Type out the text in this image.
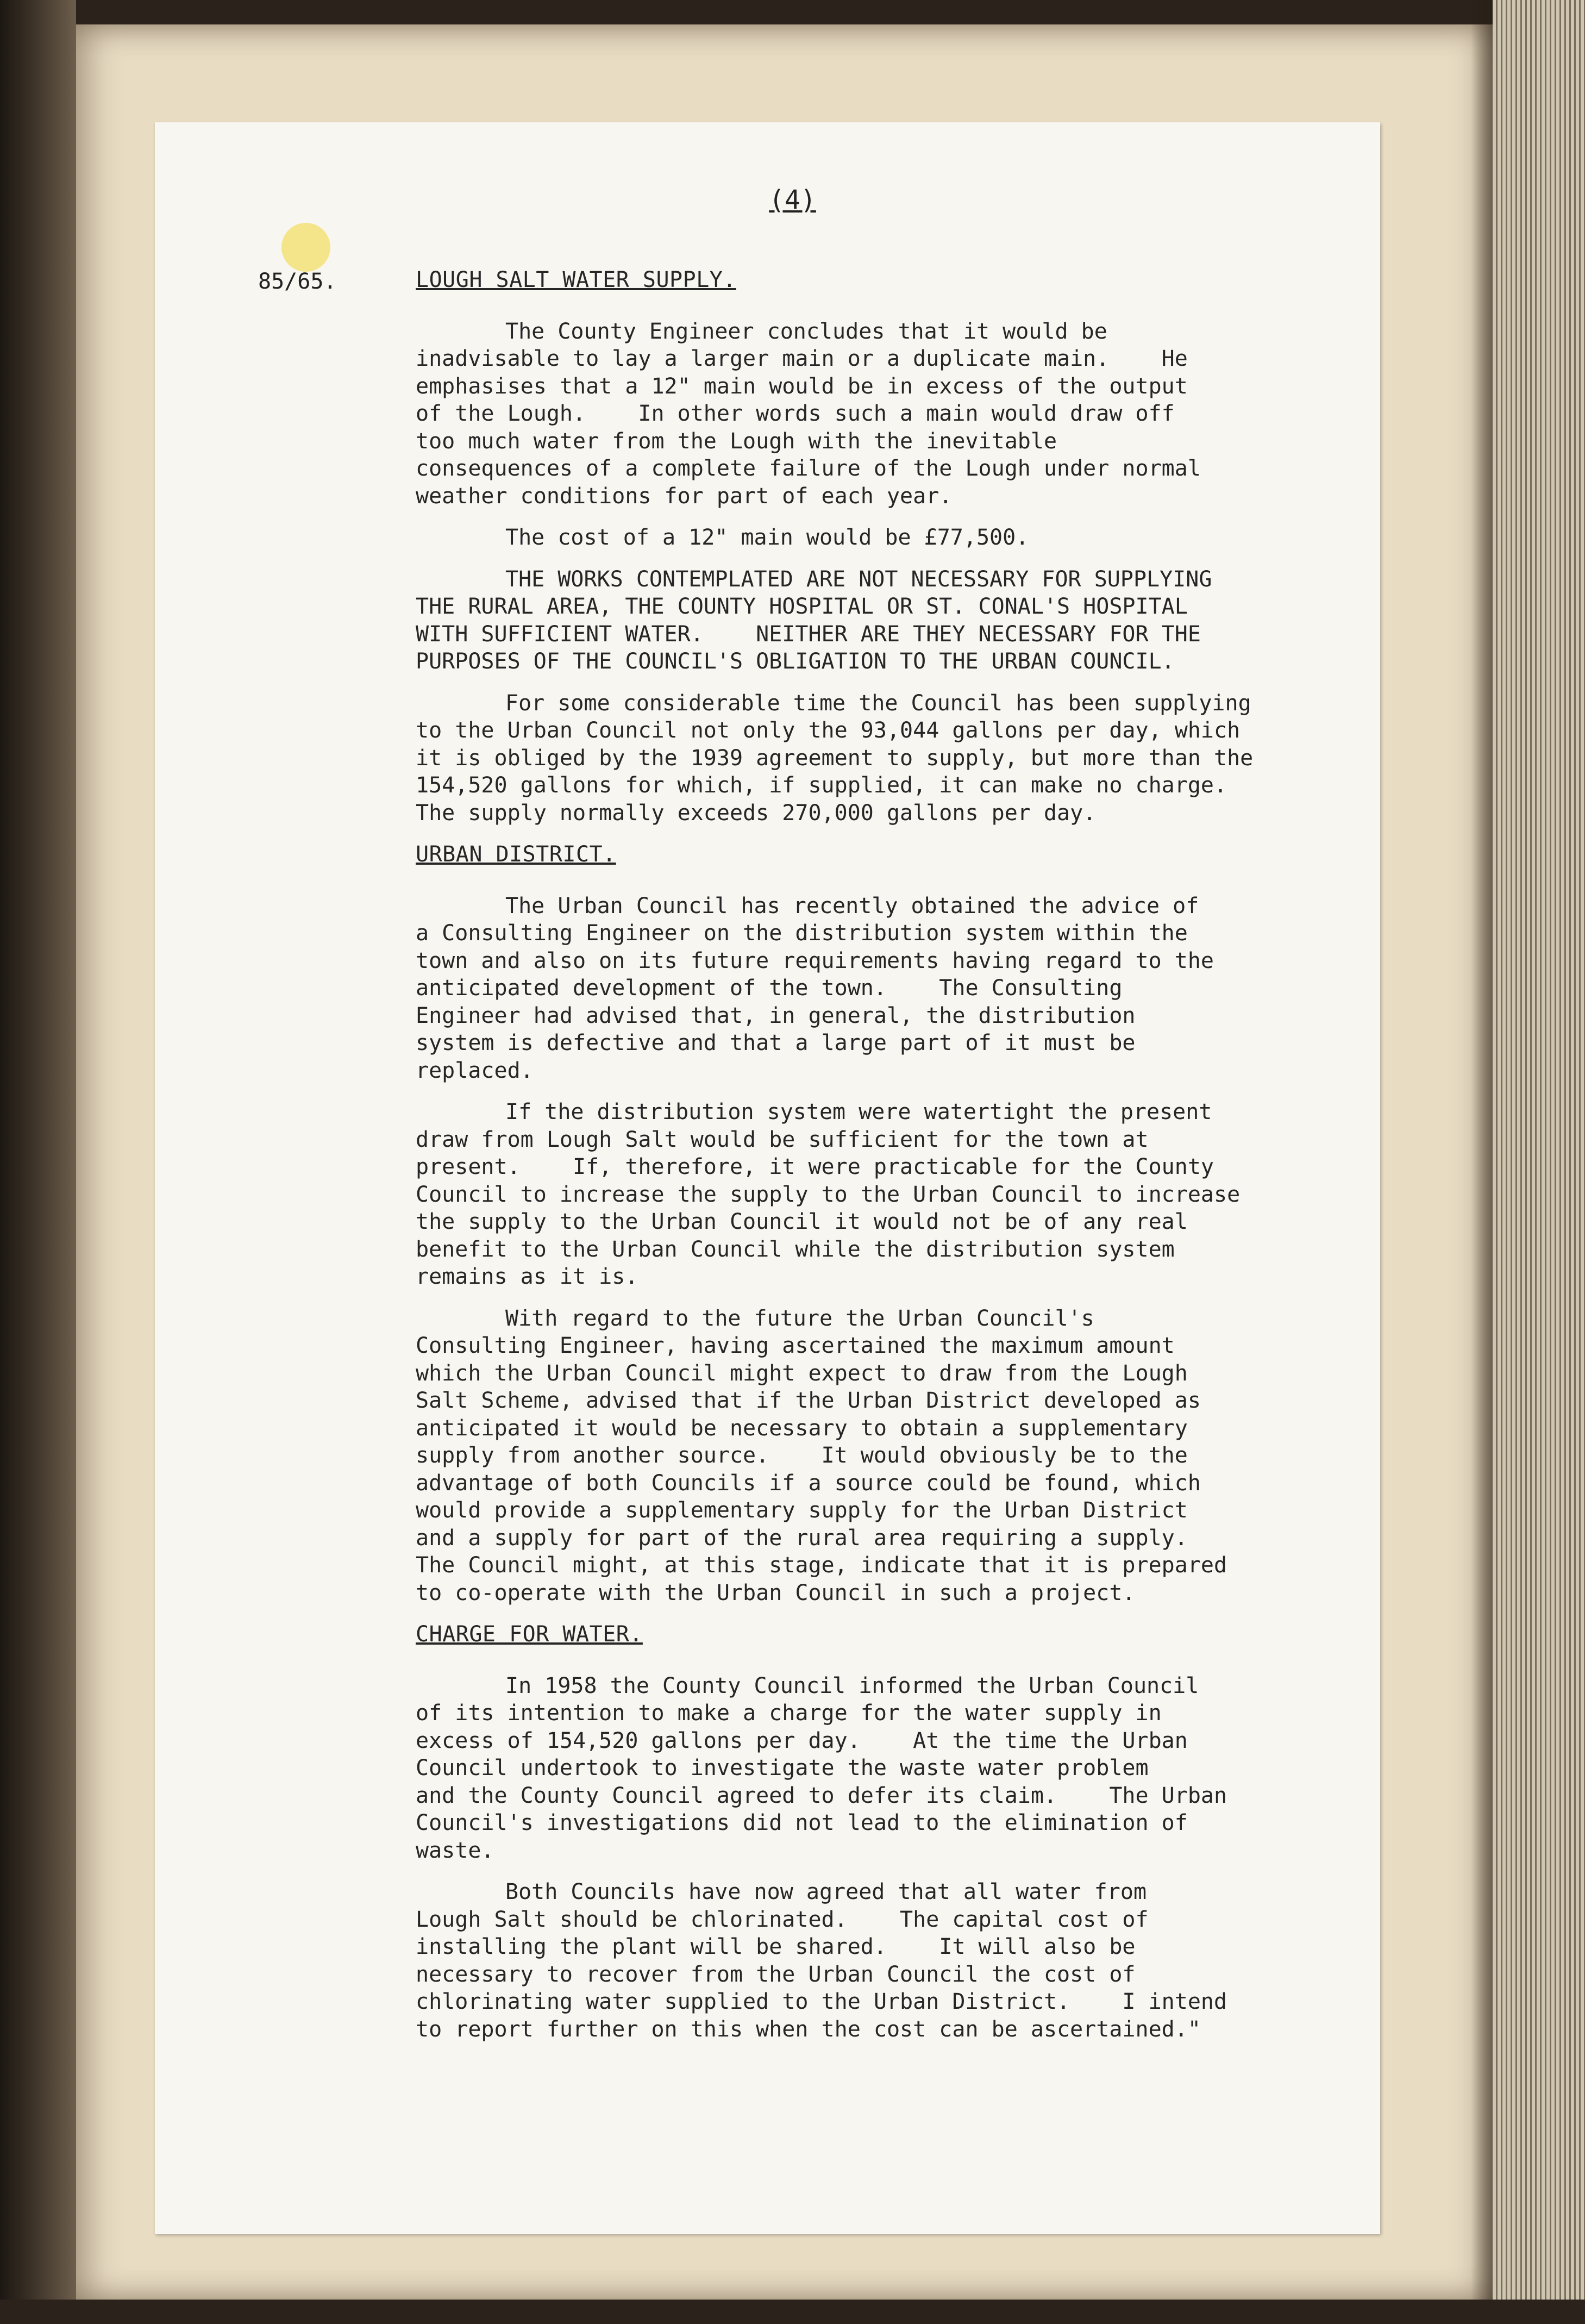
(4)
85/65.	LOUGH SALT WATER SUPPLY.
The County Engineer concludes that it would be
inadvisable to lay a larger main or a duplicate main.    He
emphasises that a 12" main would be in excess of the output
of the Lough.    In other words such a main would draw off
too much water from the Lough with the inevitable
consequences of a complete failure of the Lough under normal
weather conditions for part of each year.
The cost of a 12" main would be £77,500.
THE WORKS CONTEMPLATED ARE NOT NECESSARY FOR SUPPLYING
THE RURAL AREA, THE COUNTY HOSPITAL OR ST. CONAL'S HOSPITAL
WITH SUFFICIENT WATER.    NEITHER ARE THEY NECESSARY FOR THE
PURPOSES OF THE COUNCIL'S OBLIGATION TO THE URBAN COUNCIL.
For some considerable time the Council has been supplying
to the Urban Council not only the 93,044 gallons per day, which
it is obliged by the 1939 agreement to supply, but more than the
154,520 gallons for which, if supplied, it can make no charge.
The supply normally exceeds 270,000 gallons per day.
URBAN DISTRICT.
The Urban Council has recently obtained the advice of
a Consulting Engineer on the distribution system within the
town and also on its future requirements having regard to the
anticipated development of the town.    The Consulting
Engineer had advised that, in general, the distribution
system is defective and that a large part of it must be
replaced.
If the distribution system were watertight the present
draw from Lough Salt would be sufficient for the town at
present.    If, therefore, it were practicable for the County
Council to increase the supply to the Urban Council to increase
the supply to the Urban Council it would not be of any real
benefit to the Urban Council while the distribution system
remains as it is.
With regard to the future the Urban Council's
Consulting Engineer, having ascertained the maximum amount
which the Urban Council might expect to draw from the Lough
Salt Scheme, advised that if the Urban District developed as
anticipated it would be necessary to obtain a supplementary
supply from another source.    It would obviously be to the
advantage of both Councils if a source could be found, which
would provide a supplementary supply for the Urban District
and a supply for part of the rural area requiring a supply.
The Council might, at this stage, indicate that it is prepared
to co-operate with the Urban Council in such a project.
CHARGE FOR WATER.
In 1958 the County Council informed the Urban Council
of its intention to make a charge for the water supply in
excess of 154,520 gallons per day.    At the time the Urban
Council undertook to investigate the waste water problem
and the County Council agreed to defer its claim.    The Urban
Council's investigations did not lead to the elimination of
waste.
Both Councils have now agreed that all water from
Lough Salt should be chlorinated.    The capital cost of
installing the plant will be shared.    It will also be
necessary to recover from the Urban Council the cost of
chlorinating water supplied to the Urban District.    I intend
to report further on this when the cost can be ascertained."
